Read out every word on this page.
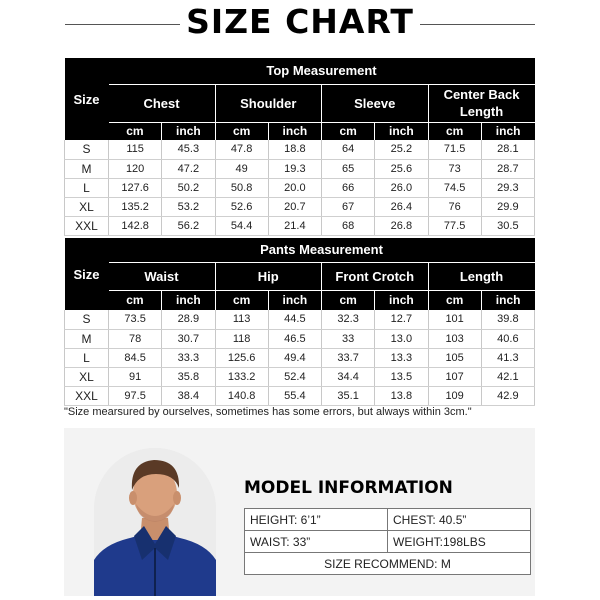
SIZE CHART
Size	Top Measurement							
	Chest		Shoulder		Sleeve		Center Back Length	
	cm	inch	cm	inch	cm	inch	cm	inch
S	115	45.3	47.8	18.8	64	25.2	71.5	28.1
M	120	47.2	49	19.3	65	25.6	73	28.7
L	127.6	50.2	50.8	20.0	66	26.0	74.5	29.3
XL	135.2	53.2	52.6	20.7	67	26.4	76	29.9
XXL	142.8	56.2	54.4	21.4	68	26.8	77.5	30.5
Size	Pants Measurement							
	Waist		Hip		Front Crotch		Length	
	cm	inch	cm	inch	cm	inch	cm	inch
S	73.5	28.9	113	44.5	32.3	12.7	101	39.8
M	78	30.7	118	46.5	33	13.0	103	40.6
L	84.5	33.3	125.6	49.4	33.7	13.3	105	41.3
XL	91	35.8	133.2	52.4	34.4	13.5	107	42.1
XXL	97.5	38.4	140.8	55.4	35.1	13.8	109	42.9
"Size mearsured by ourselves, sometimes has some errors, but always within 3cm."
MODEL INFORMATION
HEIGHT: 6’1”	CHEST: 40.5”
WAIST: 33”	WEIGHT:198LBS
SIZE RECOMMEND: M	
